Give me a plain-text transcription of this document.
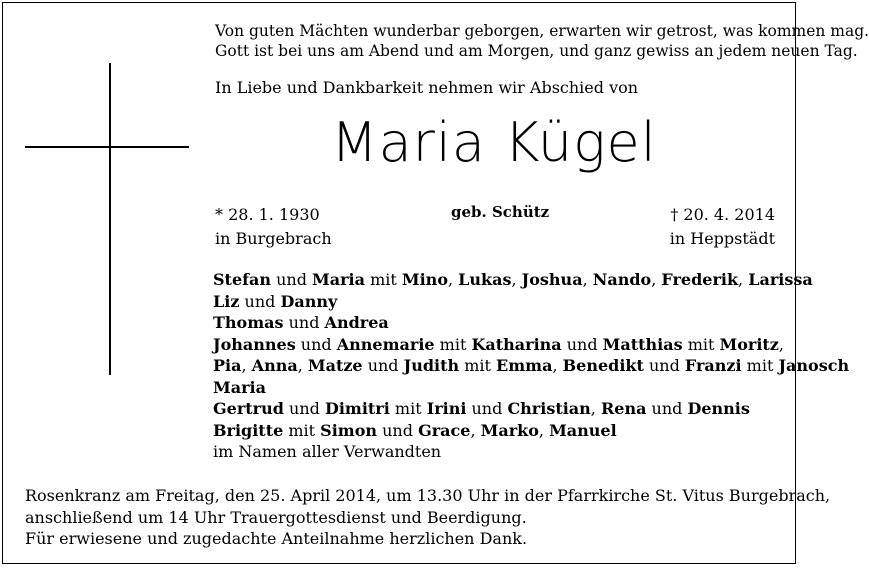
Von guten Mächten wunderbar geborgen, erwarten wir getrost, was kommen mag.
Gott ist bei uns am Abend und am Morgen, und ganz gewiss an jedem neuen Tag.
In Liebe und Dankbarkeit nehmen wir Abschied von
Maria Kügel
* 28. 1. 1930
in Burgebrach
geb. Schütz	† 20. 4. 2014
in Heppstädt
Stefan und Maria mit Mino, Lukas, Joshua, Nando, Frederik, Larissa
Liz und Danny
Thomas und Andrea
Johannes und Annemarie mit Katharina und Matthias mit Moritz,
Pia, Anna, Matze und Judith mit Emma, Benedikt und Franzi mit Janosch
Maria
Gertrud und Dimitri mit Irini und Christian, Rena und Dennis
Brigitte mit Simon und Grace, Marko, Manuel
im Namen aller Verwandten
Rosenkranz am Freitag, den 25. April 2014, um 13.30 Uhr in der Pfarrkirche St. Vitus Burgebrach,
anschließend um 14 Uhr Trauergottesdienst und Beerdigung.
Für erwiesene und zugedachte Anteilnahme herzlichen Dank.
